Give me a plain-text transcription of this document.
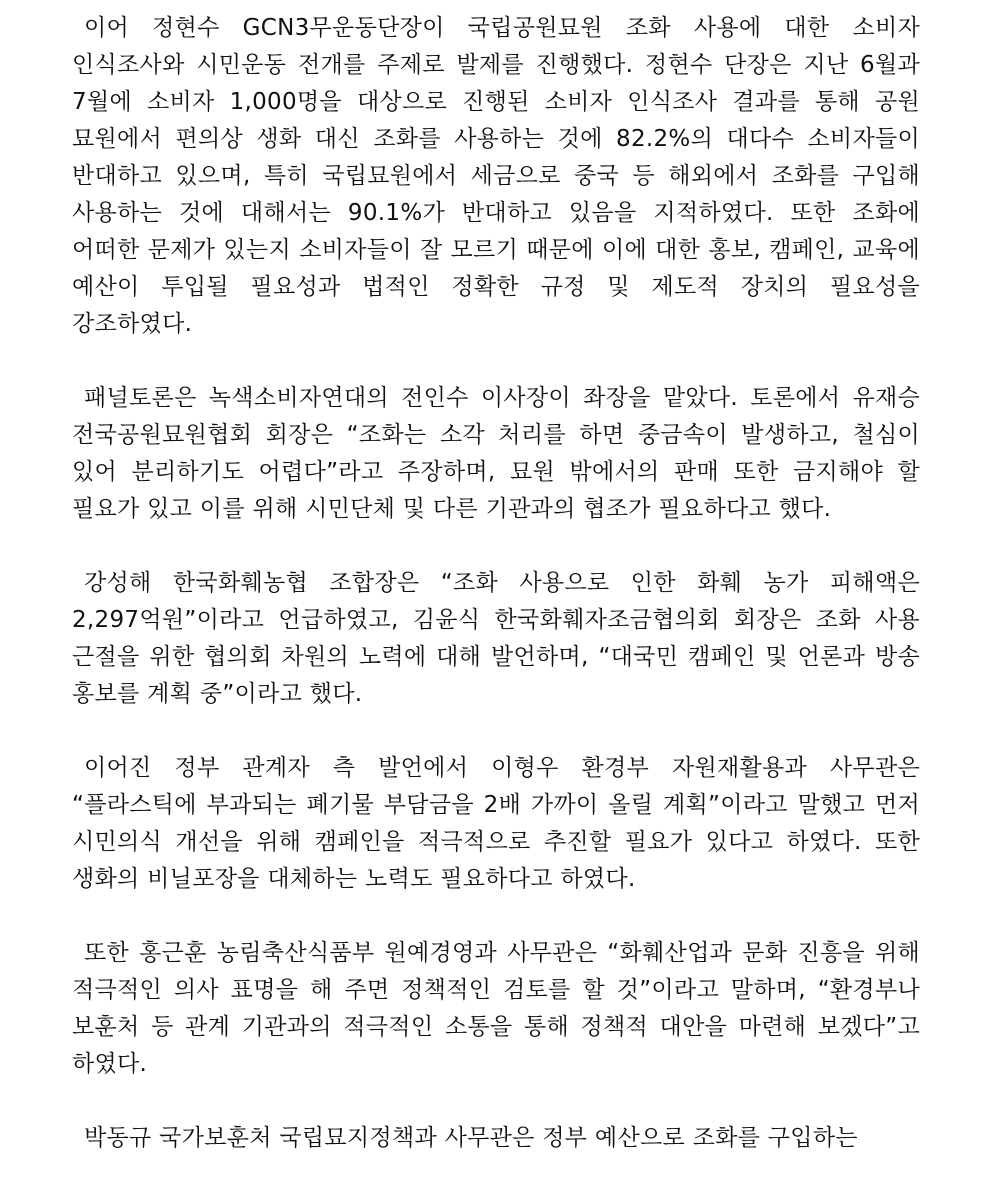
이어 정현수 GCN3무운동단장이 국립공원묘원 조화 사용에 대한 소비자 인식조사와 시민운동 전개를 주제로 발제를 진행했다. 정현수 단장은 지난 6월과 7월에 소비자 1,000명을 대상으로 진행된 소비자 인식조사 결과를 통해 공원 묘원에서 편의상 생화 대신 조화를 사용하는 것에 82.2%의 대다수 소비자들이 반대하고 있으며, 특히 국립묘원에서 세금으로 중국 등 해외에서 조화를 구입해 사용하는 것에 대해서는 90.1%가 반대하고 있음을 지적하였다. 또한 조화에 어떠한 문제가 있는지 소비자들이 잘 모르기 때문에 이에 대한 홍보, 캠페인, 교육에 예산이 투입될 필요성과 법적인 정확한 규정 및 제도적 장치의 필요성을 강조하였다.

패널토론은 녹색소비자연대의 전인수 이사장이 좌장을 맡았다. 토론에서 유재승 전국공원묘원협회 회장은 “조화는 소각 처리를 하면 중금속이 발생하고, 철심이 있어 분리하기도 어렵다”라고 주장하며, 묘원 밖에서의 판매 또한 금지해야 할 필요가 있고 이를 위해 시민단체 및 다른 기관과의 협조가 필요하다고 했다.

강성해 한국화훼농협 조합장은 “조화 사용으로 인한 화훼 농가 피해액은 2,297억원”이라고 언급하였고, 김윤식 한국화훼자조금협의회 회장은 조화 사용 근절을 위한 협의회 차원의 노력에 대해 발언하며, “대국민 캠페인 및 언론과 방송 홍보를 계획 중”이라고 했다.

이어진 정부 관계자 측 발언에서 이형우 환경부 자원재활용과 사무관은 “플라스틱에 부과되는 폐기물 부담금을 2배 가까이 올릴 계획”이라고 말했고 먼저 시민의식 개선을 위해 캠페인을 적극적으로 추진할 필요가 있다고 하였다. 또한 생화의 비닐포장을 대체하는 노력도 필요하다고 하였다.

또한 홍근훈 농림축산식품부 원예경영과 사무관은 “화훼산업과 문화 진흥을 위해 적극적인 의사 표명을 해 주면 정책적인 검토를 할 것”이라고 말하며, “환경부나 보훈처 등 관계 기관과의 적극적인 소통을 통해 정책적 대안을 마련해 보겠다”고 하였다.

박동규 국가보훈처 국립묘지정책과 사무관은 정부 예산으로 조화를 구입하는
